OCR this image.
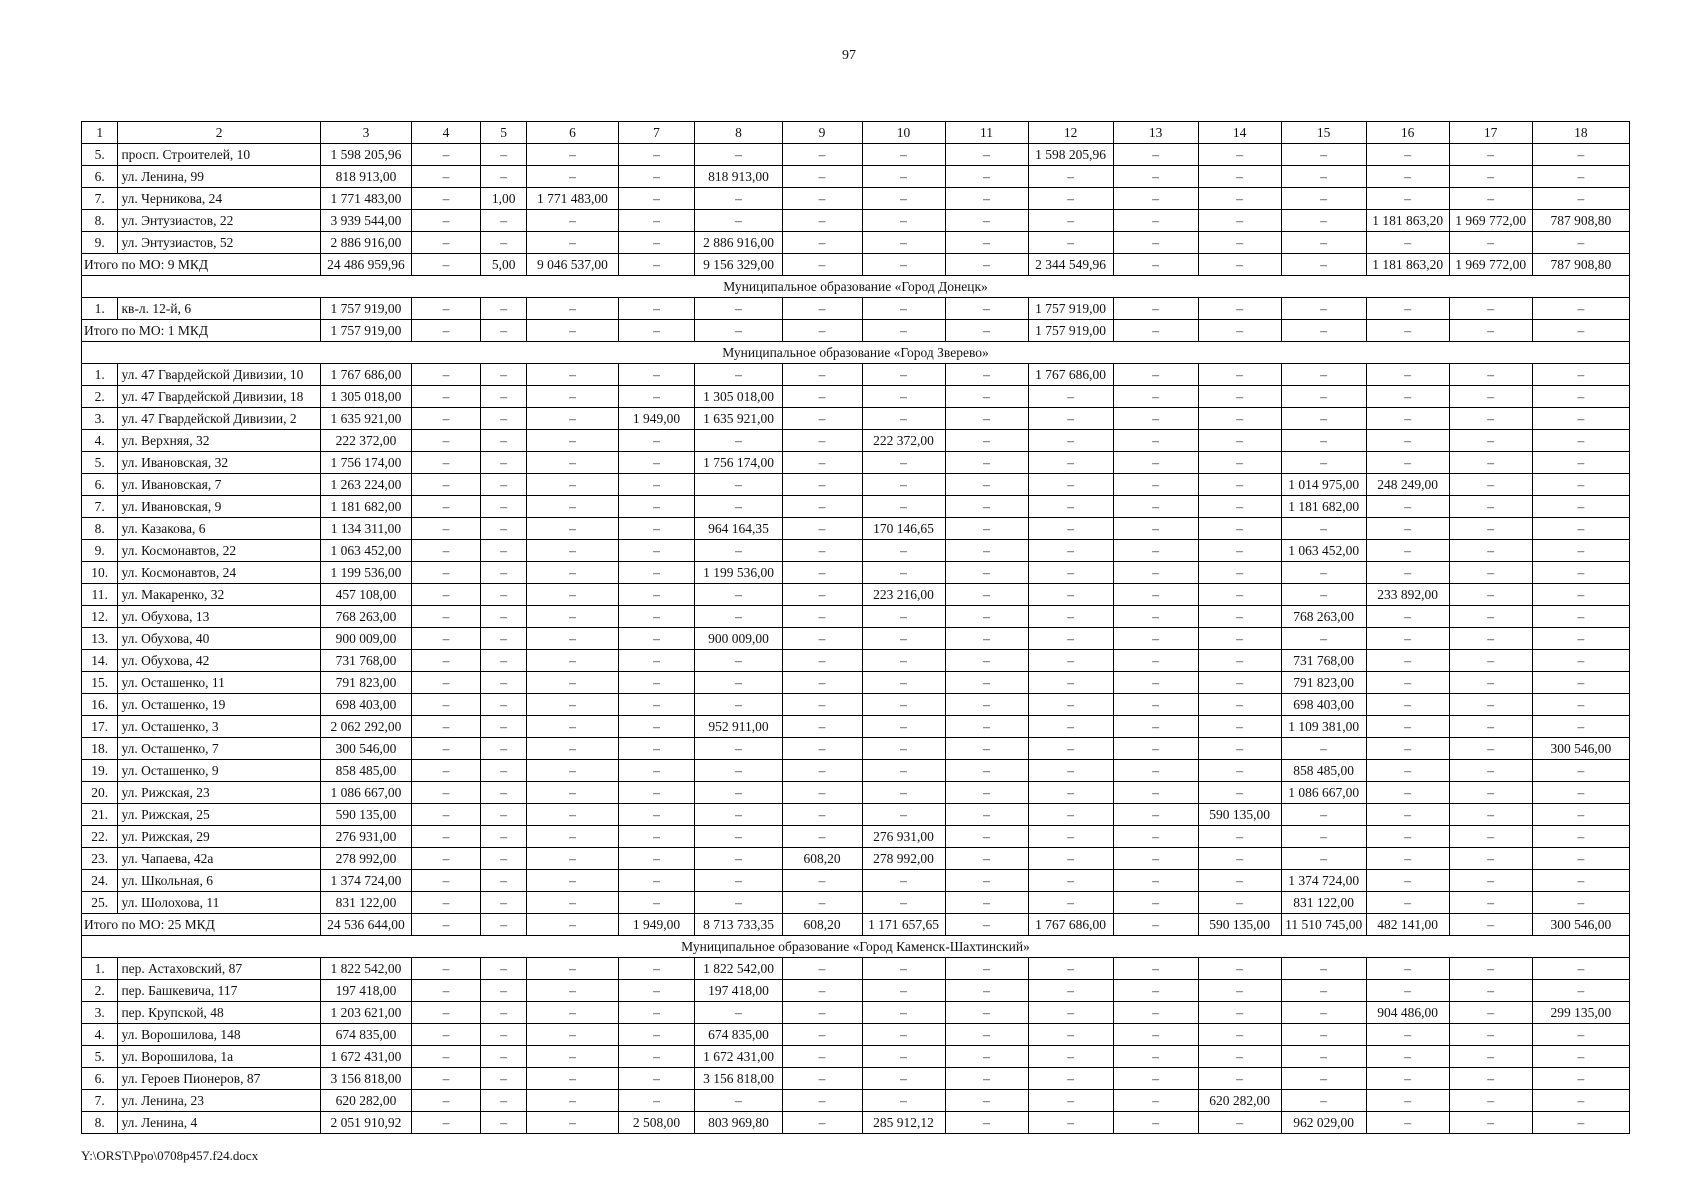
97
1	2	3	4	5	6	7	8	9	10	11	12	13	14	15	16	17	18
5.	просп. Строителей, 10	1 598 205,96	–	–	–	–	–	–	–	–	1 598 205,96	–	–	–	–	–	–
6.	ул. Ленина, 99	818 913,00	–	–	–	–	818 913,00	–	–	–	–	–	–	–	–	–	–
7.	ул. Черникова, 24	1 771 483,00	–	1,00	1 771 483,00	–	–	–	–	–	–	–	–	–	–	–	–
8.	ул. Энтузиастов, 22	3 939 544,00	–	–	–	–	–	–	–	–	–	–	–	–	1 181 863,20	1 969 772,00	787 908,80
9.	ул. Энтузиастов, 52	2 886 916,00	–	–	–	–	2 886 916,00	–	–	–	–	–	–	–	–	–	–
Итого по МО: 9 МКД		24 486 959,96	–	5,00	9 046 537,00	–	9 156 329,00	–	–	–	2 344 549,96	–	–	–	1 181 863,20	1 969 772,00	787 908,80
Муниципальное образование «Город Донецк»																	
1.	кв-л. 12-й, 6	1 757 919,00	–	–	–	–	–	–	–	–	1 757 919,00	–	–	–	–	–	–
Итого по МО: 1 МКД		1 757 919,00	–	–	–	–	–	–	–	–	1 757 919,00	–	–	–	–	–	–
Муниципальное образование «Город Зверево»																	
1.	ул. 47 Гвардейской Дивизии, 10	1 767 686,00	–	–	–	–	–	–	–	–	1 767 686,00	–	–	–	–	–	–
2.	ул. 47 Гвардейской Дивизии, 18	1 305 018,00	–	–	–	–	1 305 018,00	–	–	–	–	–	–	–	–	–	–
3.	ул. 47 Гвардейской Дивизии, 2	1 635 921,00	–	–	–	1 949,00	1 635 921,00	–	–	–	–	–	–	–	–	–	–
4.	ул. Верхняя, 32	222 372,00	–	–	–	–	–	–	222 372,00	–	–	–	–	–	–	–	–
5.	ул. Ивановская, 32	1 756 174,00	–	–	–	–	1 756 174,00	–	–	–	–	–	–	–	–	–	–
6.	ул. Ивановская, 7	1 263 224,00	–	–	–	–	–	–	–	–	–	–	–	1 014 975,00	248 249,00	–	–
7.	ул. Ивановская, 9	1 181 682,00	–	–	–	–	–	–	–	–	–	–	–	1 181 682,00	–	–	–
8.	ул. Казакова, 6	1 134 311,00	–	–	–	–	964 164,35	–	170 146,65	–	–	–	–	–	–	–	–
9.	ул. Космонавтов, 22	1 063 452,00	–	–	–	–	–	–	–	–	–	–	–	1 063 452,00	–	–	–
10.	ул. Космонавтов, 24	1 199 536,00	–	–	–	–	1 199 536,00	–	–	–	–	–	–	–	–	–	–
11.	ул. Макаренко, 32	457 108,00	–	–	–	–	–	–	223 216,00	–	–	–	–	–	233 892,00	–	–
12.	ул. Обухова, 13	768 263,00	–	–	–	–	–	–	–	–	–	–	–	768 263,00	–	–	–
13.	ул. Обухова, 40	900 009,00	–	–	–	–	900 009,00	–	–	–	–	–	–	–	–	–	–
14.	ул. Обухова, 42	731 768,00	–	–	–	–	–	–	–	–	–	–	–	731 768,00	–	–	–
15.	ул. Осташенко, 11	791 823,00	–	–	–	–	–	–	–	–	–	–	–	791 823,00	–	–	–
16.	ул. Осташенко, 19	698 403,00	–	–	–	–	–	–	–	–	–	–	–	698 403,00	–	–	–
17.	ул. Осташенко, 3	2 062 292,00	–	–	–	–	952 911,00	–	–	–	–	–	–	1 109 381,00	–	–	–
18.	ул. Осташенко, 7	300 546,00	–	–	–	–	–	–	–	–	–	–	–	–	–	–	300 546,00
19.	ул. Осташенко, 9	858 485,00	–	–	–	–	–	–	–	–	–	–	–	858 485,00	–	–	–
20.	ул. Рижская, 23	1 086 667,00	–	–	–	–	–	–	–	–	–	–	–	1 086 667,00	–	–	–
21.	ул. Рижская, 25	590 135,00	–	–	–	–	–	–	–	–	–	–	590 135,00	–	–	–	–
22.	ул. Рижская, 29	276 931,00	–	–	–	–	–	–	276 931,00	–	–	–	–	–	–	–	–
23.	ул. Чапаева, 42а	278 992,00	–	–	–	–	–	608,20	278 992,00	–	–	–	–	–	–	–	–
24.	ул. Школьная, 6	1 374 724,00	–	–	–	–	–	–	–	–	–	–	–	1 374 724,00	–	–	–
25.	ул. Шолохова, 11	831 122,00	–	–	–	–	–	–	–	–	–	–	–	831 122,00	–	–	–
Итого по МО: 25 МКД		24 536 644,00	–	–	–	1 949,00	8 713 733,35	608,20	1 171 657,65	–	1 767 686,00	–	590 135,00	11 510 745,00	482 141,00	–	300 546,00
Муниципальное образование «Город Каменск-Шахтинский»																	
1.	пер. Астаховский, 87	1 822 542,00	–	–	–	–	1 822 542,00	–	–	–	–	–	–	–	–	–	–
2.	пер. Башкевича, 117	197 418,00	–	–	–	–	197 418,00	–	–	–	–	–	–	–	–	–	–
3.	пер. Крупской, 48	1 203 621,00	–	–	–	–	–	–	–	–	–	–	–	–	904 486,00	–	299 135,00
4.	ул. Ворошилова, 148	674 835,00	–	–	–	–	674 835,00	–	–	–	–	–	–	–	–	–	–
5.	ул. Ворошилова, 1а	1 672 431,00	–	–	–	–	1 672 431,00	–	–	–	–	–	–	–	–	–	–
6.	ул. Героев Пионеров, 87	3 156 818,00	–	–	–	–	3 156 818,00	–	–	–	–	–	–	–	–	–	–
7.	ул. Ленина, 23	620 282,00	–	–	–	–	–	–	–	–	–	–	620 282,00	–	–	–	–
8.	ул. Ленина, 4	2 051 910,92	–	–	–	2 508,00	803 969,80	–	285 912,12	–	–	–	–	962 029,00	–	–	–
Y:\ORST\Ppo\0708p457.f24.docx
